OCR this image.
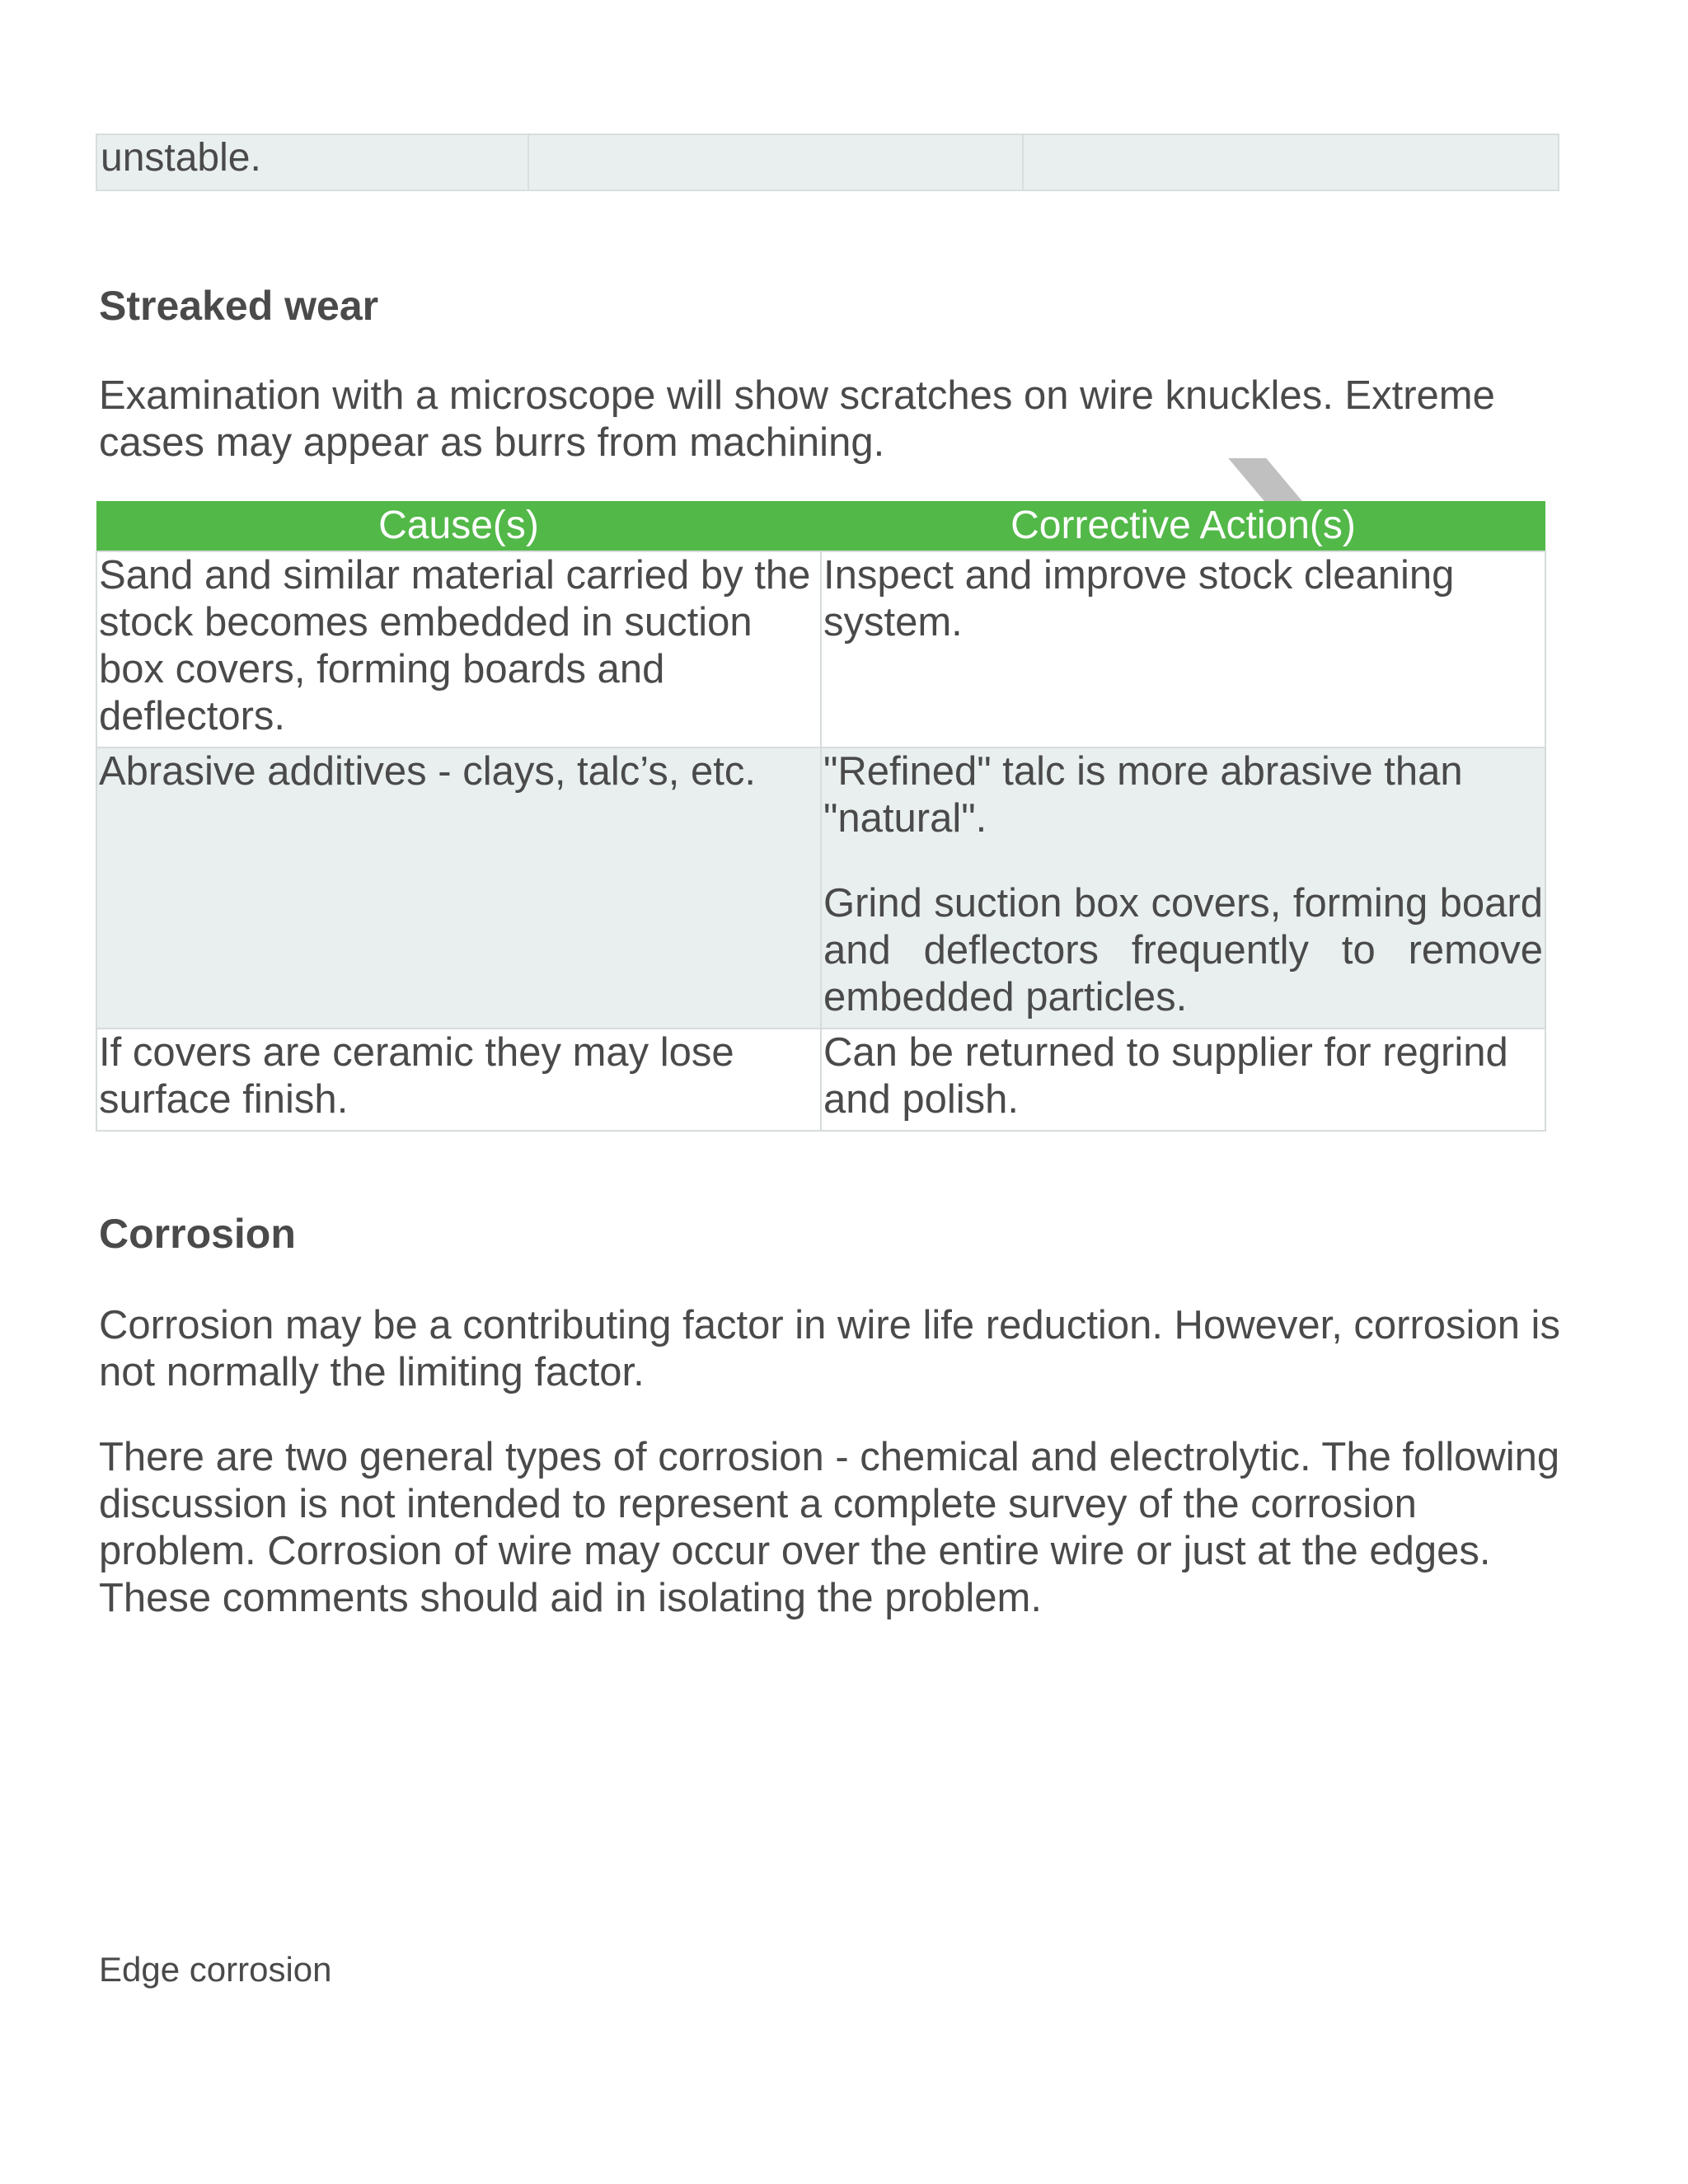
unstable.		
Streaked wear

Examination with a microscope will show scratches on wire knuckles. Extreme cases may appear as burrs from machining.

Cause(s)	Corrective Action(s)
Sand and similar material carried by the stock becomes embedded in suction box covers, forming boards and deflectors.	Inspect and improve stock cleaning system.

Abrasive additives - clays, talc’s, etc.	"Refined" talc is more abrasive than "natural".
Grind suction box covers, forming board and deflectors frequently to remove embedded particles.

If covers are ceramic they may lose surface finish.	Can be returned to supplier for regrind and polish.
Corrosion

Corrosion may be a contributing factor in wire life reduction. However, corrosion is not normally the limiting factor.

There are two general types of corrosion - chemical and electrolytic. The following discussion is not intended to represent a complete survey of the corrosion problem. Corrosion of wire may occur over the entire wire or just at the edges. These comments should aid in isolating the problem.

Edge corrosion
